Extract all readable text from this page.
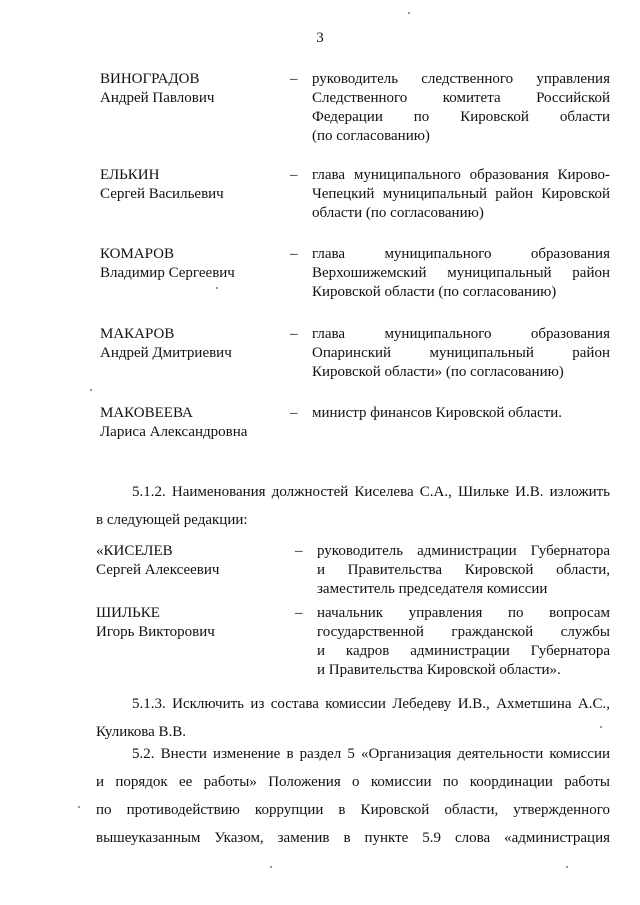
3
ВИНОГРАДОВ
Андрей Павлович
– руководитель следственного управления
Следственного комитета Российской
Федерации по Кировской области
(по согласованию)
ЕЛЬКИН
Сергей Васильевич
– глава муниципального образования Кирово-
Чепецкий муниципальный район Кировской
области (по согласованию)
КОМАРОВ
Владимир Сергеевич
– глава муниципального образования
Верхошижемский муниципальный район
Кировской области (по согласованию)
МАКАРОВ
Андрей Дмитриевич
– глава муниципального образования
Опаринский муниципальный район
Кировской области» (по согласованию)
МАКОВЕЕВА
Лариса Александровна
– министр финансов Кировской области.
5.1.2. Наименования должностей Киселева С.А., Шильке И.В. изложить
в следующей редакции:
«КИСЕЛЕВ
Сергей Алексеевич
– руководитель администрации Губернатора
и Правительства Кировской области,
заместитель председателя комиссии
ШИЛЬКЕ
Игорь Викторович
– начальник управления по вопросам
государственной гражданской службы
и кадров администрации Губернатора
и Правительства Кировской области».
5.1.3. Исключить из состава комиссии Лебедеву И.В., Ахметшина А.С.,
Куликова В.В.
5.2. Внести изменение в раздел 5 «Организация деятельности комиссии
и порядок ее работы» Положения о комиссии по координации работы
по противодействию коррупции в Кировской области, утвержденного
вышеуказанным Указом, заменив в пункте 5.9 слова «администрация
